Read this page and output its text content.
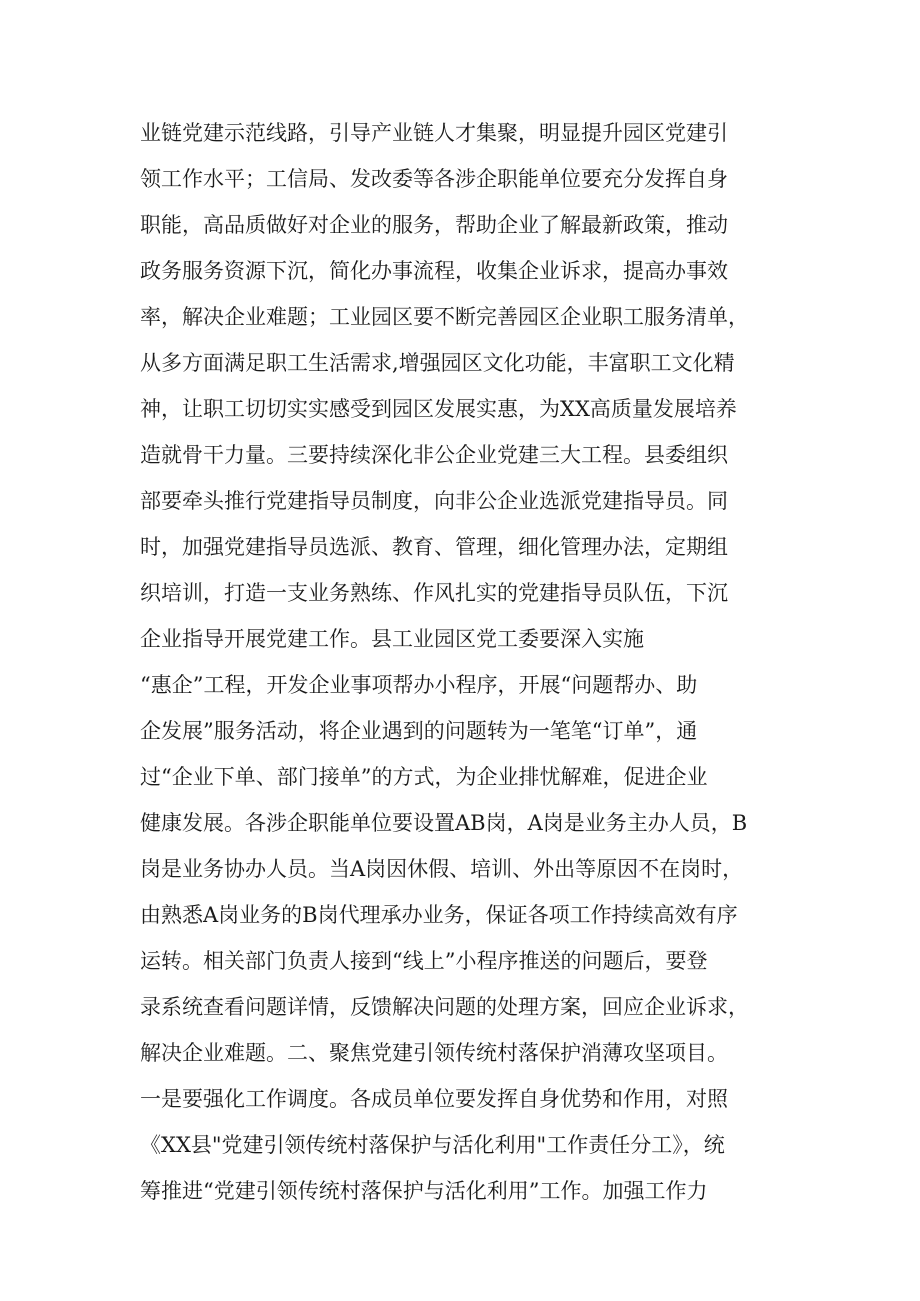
业链党建示范线路，引导产业链人才集聚，明显提升园区党建引
领工作水平；工信局、发改委等各涉企职能单位要充分发挥自身
职能，高品质做好对企业的服务，帮助企业了解最新政策，推动
政务服务资源下沉，简化办事流程，收集企业诉求，提高办事效
率，解决企业难题；工业园区要不断完善园区企业职工服务清单，
从多方面满足职工生活需求,增强园区文化功能，丰富职工文化精
神，让职工切切实实感受到园区发展实惠，为XX高质量发展培养
造就骨干力量。三要持续深化非公企业党建三大工程。县委组织
部要牵头推行党建指导员制度，向非公企业选派党建指导员。同
时，加强党建指导员选派、教育、管理，细化管理办法，定期组
织培训，打造一支业务熟练、作风扎实的党建指导员队伍，下沉
企业指导开展党建工作。县工业园区党工委要深入实施
“惠企”工程，开发企业事项帮办小程序，开展“问题帮办、助
企发展”服务活动，将企业遇到的问题转为一笔笔“订单”，通
过“企业下单、部门接单”的方式，为企业排忧解难，促进企业
健康发展。各涉企职能单位要设置AB岗，A岗是业务主办人员，B
岗是业务协办人员。当A岗因休假、培训、外出等原因不在岗时，
由熟悉A岗业务的B岗代理承办业务，保证各项工作持续高效有序
运转。相关部门负责人接到“线上”小程序推送的问题后，要登
录系统查看问题详情，反馈解决问题的处理方案，回应企业诉求，
解决企业难题。二、聚焦党建引领传统村落保护消薄攻坚项目。
一是要强化工作调度。各成员单位要发挥自身优势和作用，对照
《XX县"党建引领传统村落保护与活化利用"工作责任分工》，统
筹推进“党建引领传统村落保护与活化利用”工作。加强工作力
